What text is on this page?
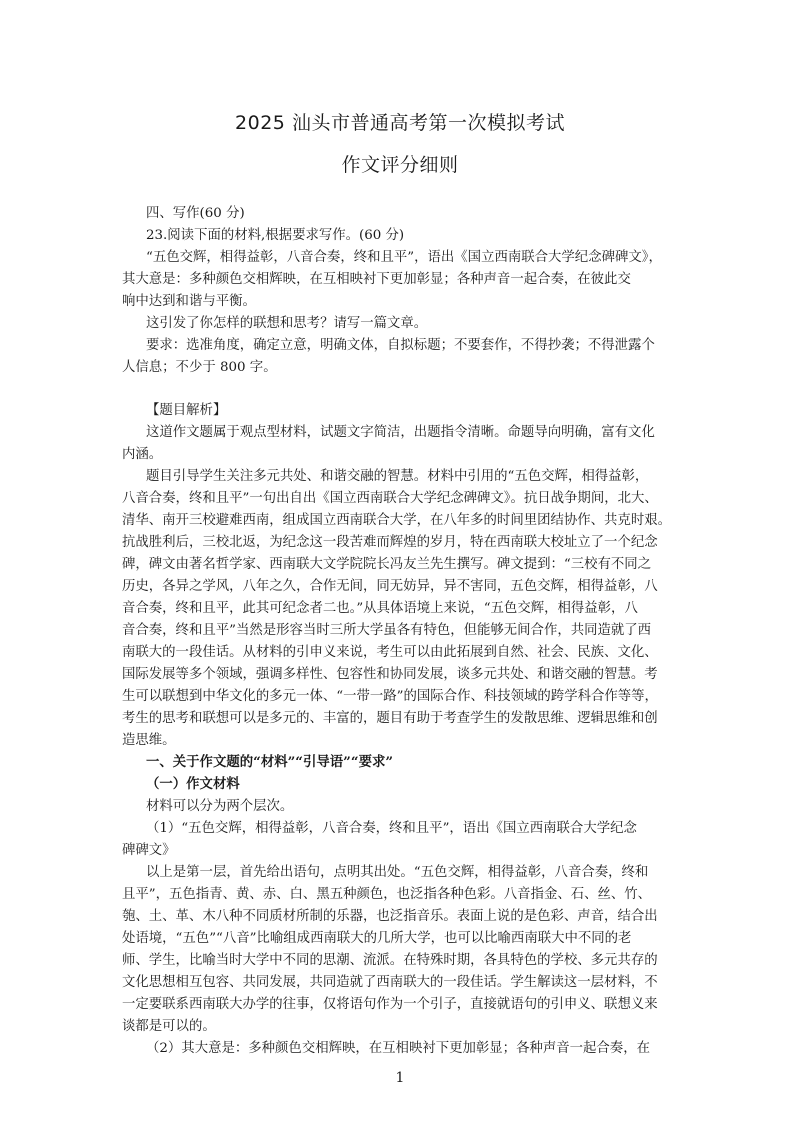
2025 汕头市普通高考第一次模拟考试
作文评分细则
四、写作(60 分)
23.阅读下面的材料,根据要求写作。(60 分)
“五色交辉，相得益彰，八音合奏，终和且平”，语出《国立西南联合大学纪念碑碑文》，
其大意是：多种颜色交相辉映，在互相映衬下更加彰显；各种声音一起合奏，在彼此交
响中达到和谐与平衡。
这引发了你怎样的联想和思考？请写一篇文章。
要求：选准角度，确定立意，明确文体，自拟标题；不要套作，不得抄袭；不得泄露个
人信息；不少于 800 字。
【题目解析】
这道作文题属于观点型材料，试题文字简洁，出题指令清晰。命题导向明确，富有文化
内涵。
题目引导学生关注多元共处、和谐交融的智慧。材料中引用的“五色交辉，相得益彰，
八音合奏，终和且平”一句出自出《国立西南联合大学纪念碑碑文》。抗日战争期间，北大、
清华、南开三校避难西南，组成国立西南联合大学，在八年多的时间里团结协作、共克时艰。
抗战胜利后，三校北返，为纪念这一段苦难而辉煌的岁月，特在西南联大校址立了一个纪念
碑，碑文由著名哲学家、西南联大文学院院长冯友兰先生撰写。碑文提到：“三校有不同之
历史，各异之学风，八年之久，合作无间，同无妨异，异不害同，五色交辉，相得益彰，八
音合奏，终和且平，此其可纪念者二也。”从具体语境上来说，“五色交辉，相得益彰，八
音合奏，终和且平”当然是形容当时三所大学虽各有特色，但能够无间合作，共同造就了西
南联大的一段佳话。从材料的引申义来说，考生可以由此拓展到自然、社会、民族、文化、
国际发展等多个领域，强调多样性、包容性和协同发展，谈多元共处、和谐交融的智慧。考
生可以联想到中华文化的多元一体、“一带一路”的国际合作、科技领域的跨学科合作等等，
考生的思考和联想可以是多元的、丰富的，题目有助于考查学生的发散思维、逻辑思维和创
造思维。
一、关于作文题的“材料”“引导语”“要求”
（一）作文材料
材料可以分为两个层次。
（1）“五色交辉，相得益彰，八音合奏，终和且平”，语出《国立西南联合大学纪念
碑碑文》
以上是第一层，首先给出语句，点明其出处。“五色交辉，相得益彰，八音合奏，终和
且平”，五色指青、黄、赤、白、黑五种颜色，也泛指各种色彩。八音指金、石、丝、竹、
匏、土、革、木八种不同质材所制的乐器，也泛指音乐。表面上说的是色彩、声音，结合出
处语境，“五色”“八音”比喻组成西南联大的几所大学，也可以比喻西南联大中不同的老
师、学生，比喻当时大学中不同的思潮、流派。在特殊时期，各具特色的学校、多元共存的
文化思想相互包容、共同发展，共同造就了西南联大的一段佳话。学生解读这一层材料，不
一定要联系西南联大办学的往事，仅将语句作为一个引子，直接就语句的引申义、联想义来
谈都是可以的。
（2）其大意是：多种颜色交相辉映，在互相映衬下更加彰显；各种声音一起合奏，在
1
